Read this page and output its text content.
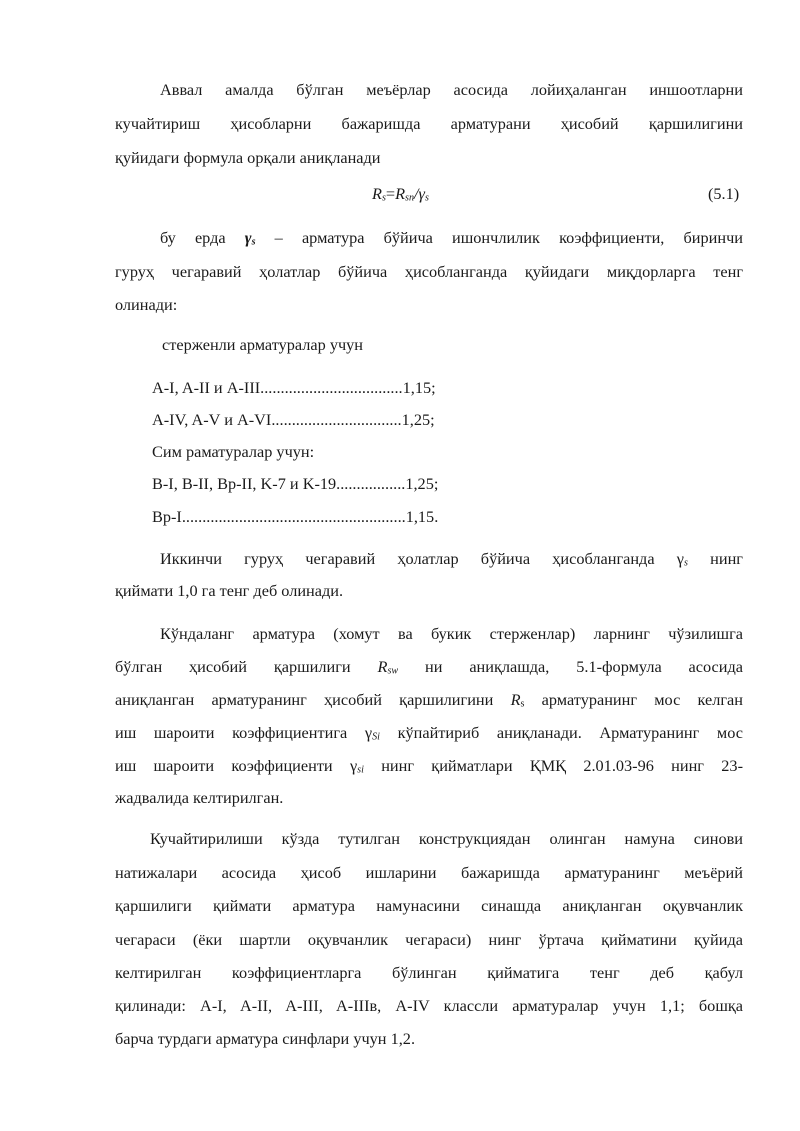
Аввал амалда бўлган меъёрлар асосида лойиҳаланган иншоотларни
кучайтириш ҳисобларни бажаришда арматурани ҳисобий қаршилигини
қуйидаги формула орқали аниқланади
$R_s=R_{sn}/\gamma_s$	(5.1)
бу ерда $\gamma_s$ – арматура бўйича ишончлилик коэффициенти, биринчи
гуруҳ чегаравий ҳолатлар бўйича ҳисобланганда қуйидаги миқдорларга тенг
олинади:
стерженли арматуралар учун
A-I, A-II и A-III...................................1,15;
A-IV, A-V и A-VI................................1,25;
Сим раматуралар учун:
B-I, B-II, Bp-II, K-7 и K-19.................1,25;
Bp-I.......................................................1,15.
Иккинчи гуруҳ чегаравий ҳолатлар бўйича ҳисобланганда $\gamma_s$ нинг
қиймати 1,0 га тенг деб олинади.
Кўндаланг арматура (хомут ва букик стерженлар) ларнинг чўзилишга
бўлган ҳисобий қаршилиги $R_{sw}$ ни аниқлашда, 5.1-формула асосида
аниқланган арматуранинг ҳисобий қаршилигини $R_s$ арматуранинг мос келган
иш шароити коэффициентига $\gamma_{Si}$ кўпайтириб аниқланади. Арматуранинг мос
иш шароити коэффициенти $\gamma_{si}$ нинг қийматлари ҚМҚ 2.01.03-96 нинг 23-
жадвалида келтирилган.
Кучайтирилиши кўзда тутилган конструкциядан олинган намуна синови
натижалари асосида ҳисоб ишларини бажаришда арматуранинг меъёрий
қаршилиги қиймати арматура намунасини синашда аниқланган оқувчанлик
чегараси (ёки шартли оқувчанлик чегараси) нинг ўртача қийматини қуйида
келтирилган коэффициентларга бўлинган қийматига тенг деб қабул
қилинади: A-I, A-II, A-III, A-IIIв, A-IV классли арматуралар учун 1,1; бошқа
барча турдаги арматура синфлари учун 1,2.
